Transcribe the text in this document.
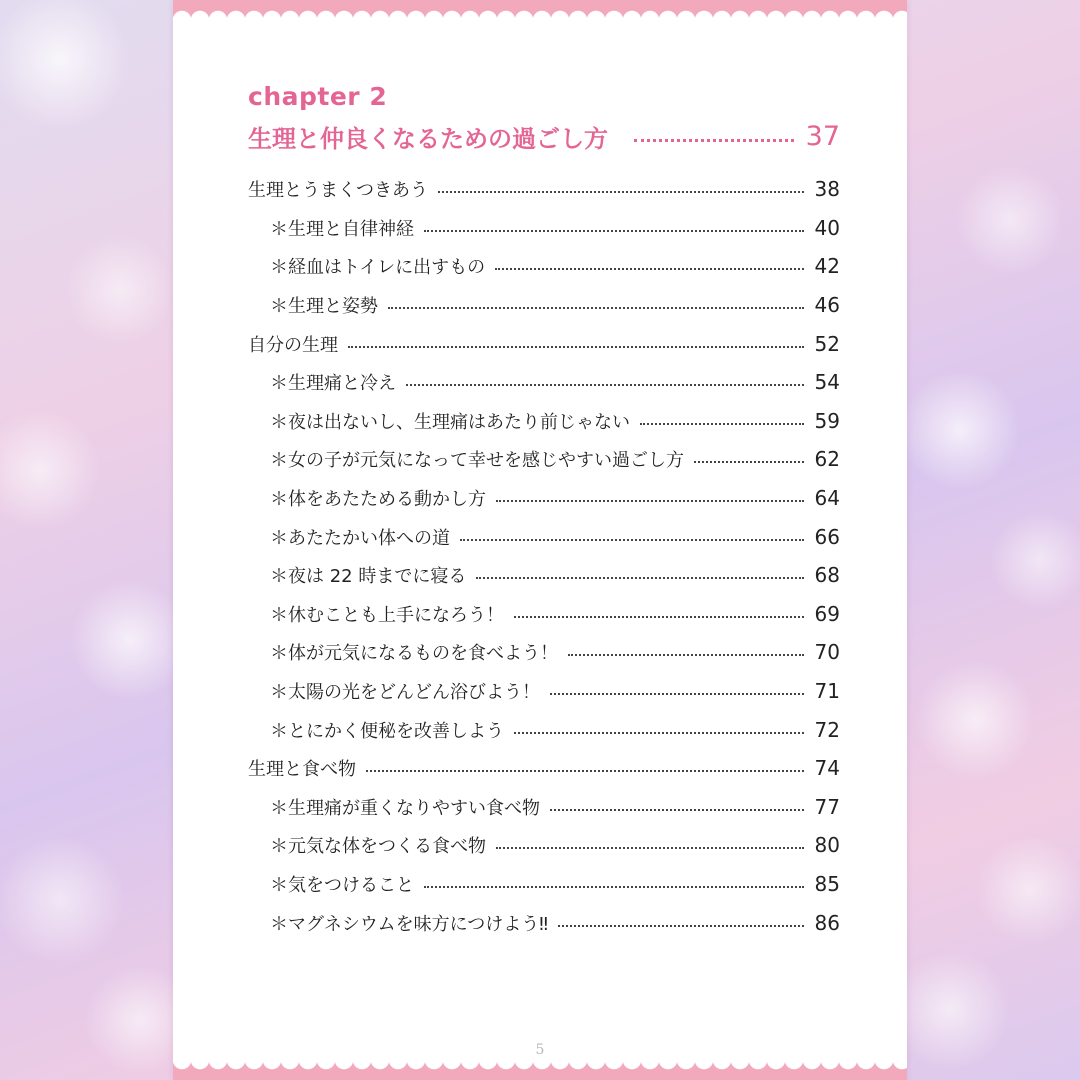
chapter 2
生理と仲良くなるための過ごし方	37
生理とうまくつきあう	38
＊生理と自律神経	40
＊経血はトイレに出すもの	42
＊生理と姿勢	46
自分の生理	52
＊生理痛と冷え	54
＊夜は出ないし、生理痛はあたり前じゃない	59
＊女の子が元気になって幸せを感じやすい過ごし方	62
＊体をあたためる動かし方	64
＊あたたかい体への道	66
＊夜は 22 時までに寝る	68
＊休むことも上手になろう！	69
＊体が元気になるものを食べよう！	70
＊太陽の光をどんどん浴びよう！	71
＊とにかく便秘を改善しよう	72
生理と食べ物	74
＊生理痛が重くなりやすい食べ物	77
＊元気な体をつくる食べ物	80
＊気をつけること	85
＊マグネシウムを味方につけよう‼	86
5
